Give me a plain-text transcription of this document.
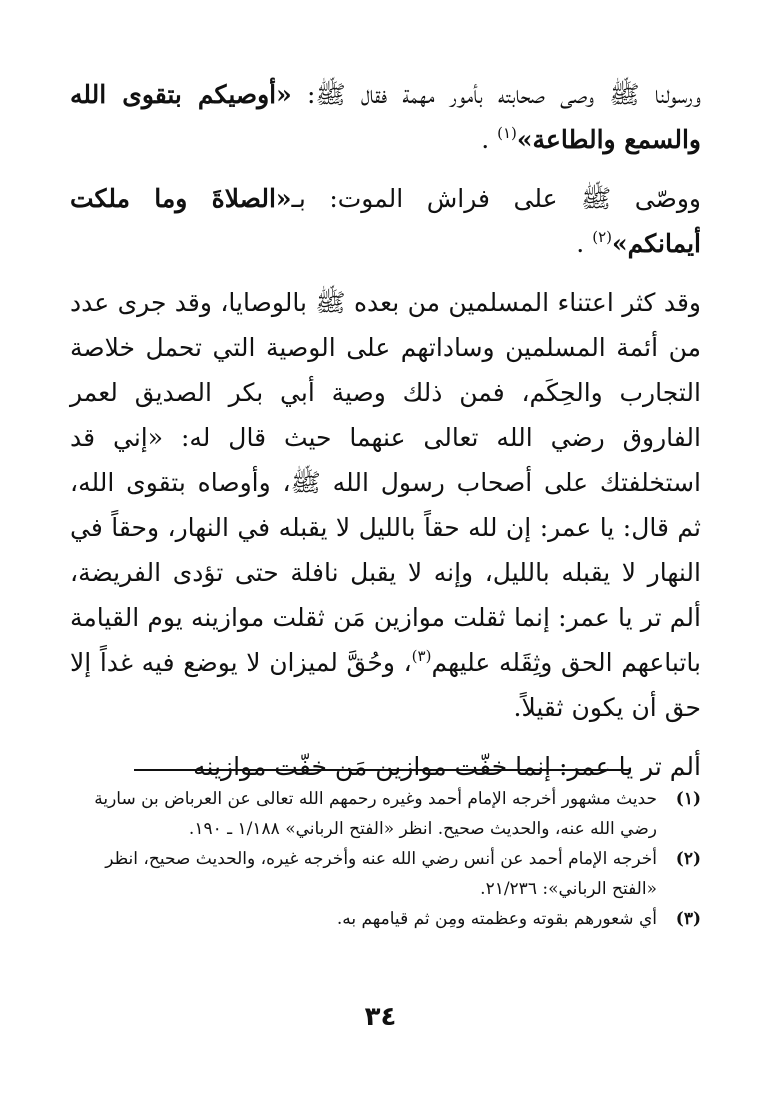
ورسولنا ﷺ وصى صحابته بأمور مهمة فقال ﷺ: «أوصيكم بتقوى الله والسمع والطاعة»$^{(١)}$ .

ووصّى ﷺ على فراش الموت: بـ«الصلاةَ وما ملكت أيمانكم»$^{(٢)}$ .

وقد كثر اعتناء المسلمين من بعده ﷺ بالوصايا، وقد جرى عدد من أئمة المسلمين وساداتهم على الوصية التي تحمل خلاصة التجارب والحِكَم، فمن ذلك وصية أبي بكر الصديق لعمر الفاروق رضي الله تعالى عنهما حيث قال له: «إني قد استخلفتك على أصحاب رسول الله ﷺ، وأوصاه بتقوى الله، ثم قال: يا عمر: إن لله حقاً بالليل لا يقبله في النهار، وحقاً في النهار لا يقبله بالليل، وإنه لا يقبل نافلة حتى تؤدى الفريضة، ألم تر يا عمر: إنما ثقلت موازين مَن ثقلت موازينه يوم القيامة باتباعهم الحق وثِقَله عليهم$^{(٣)}$، وحُقَّ لميزان لا يوضع فيه غداً إلا حق أن يكون ثقيلاً.

ألم تر يا عمر: إنما خفّت موازين مَن خفّت موازينه

(١)
حديث مشهور أخرجه الإمام أحمد وغيره رحمهم الله تعالى عن العرباض بن سارية رضي الله عنه، والحديث صحيح. انظر «الفتح الرباني» ١/١٨٨ ـ ١٩٠.
(٢)
أخرجه الإمام أحمد عن أنس رضي الله عنه وأخرجه غيره، والحديث صحيح، انظر «الفتح الرباني»: ٢١/٢٣٦.
(٣)
أي شعورهم بقوته وعظمته ومِن ثم قيامهم به.
٣٤
